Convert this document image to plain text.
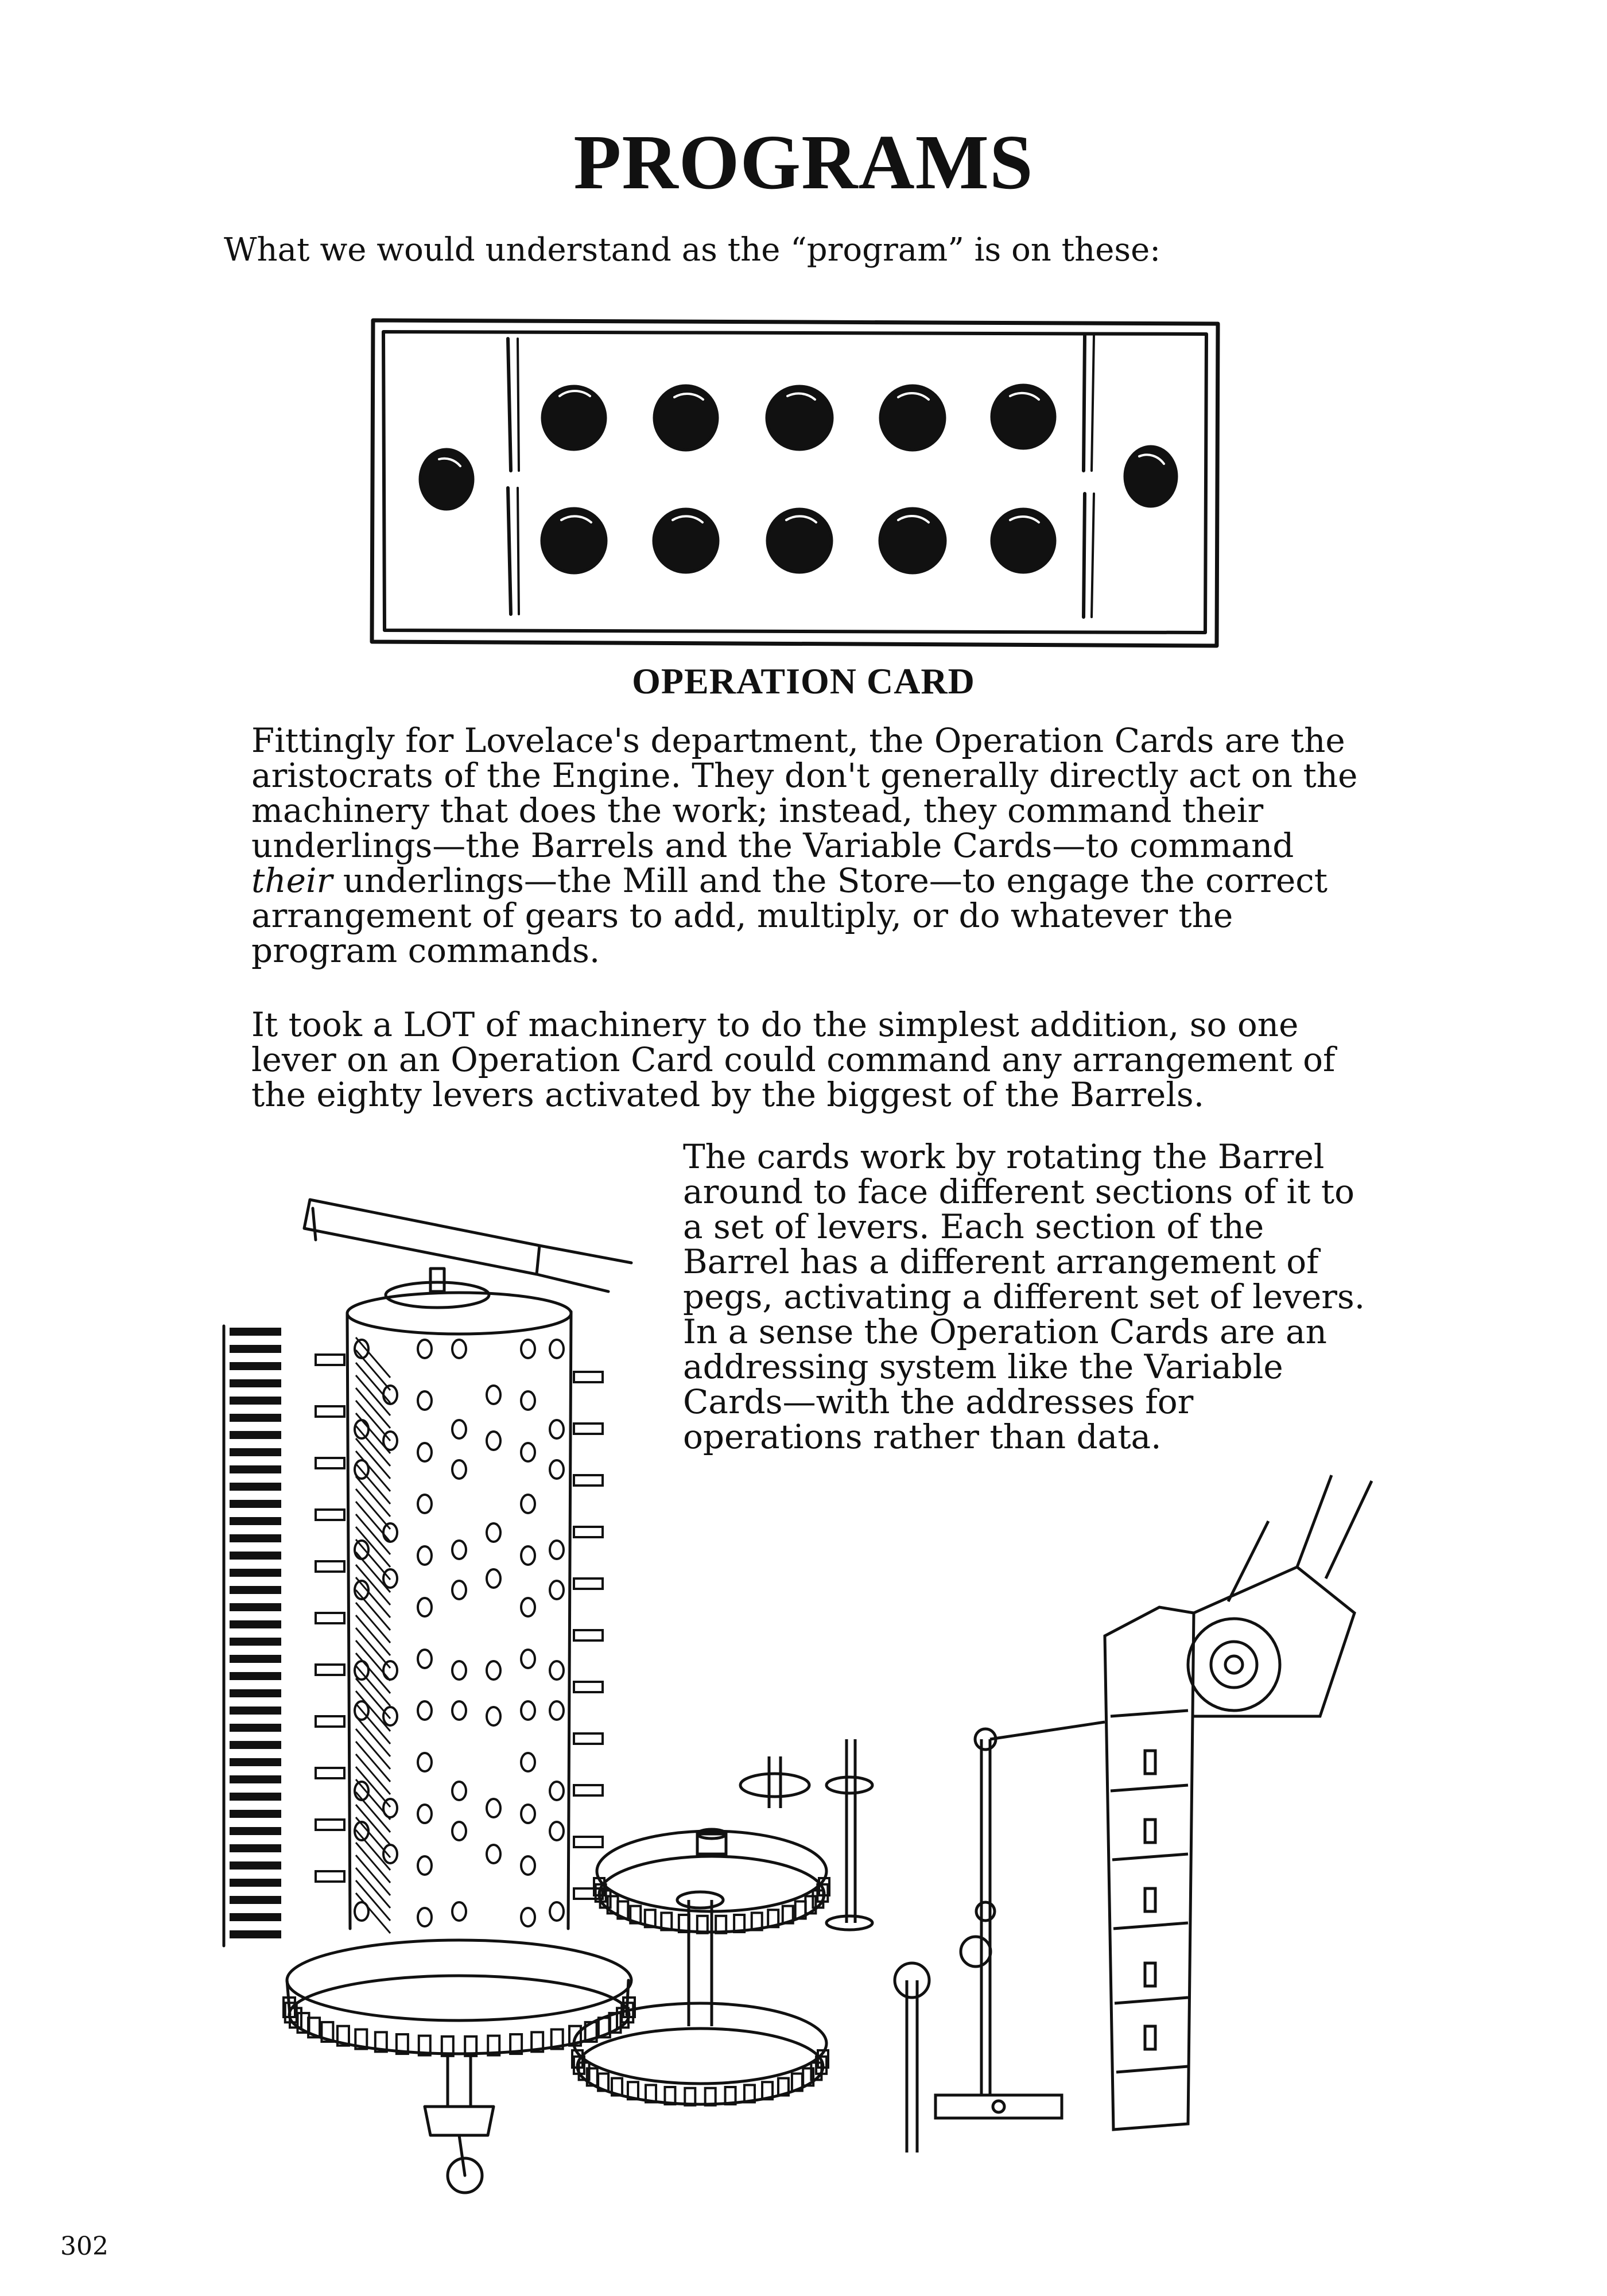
PROGRAMS
What we would understand as the “program” is on these:
OPERATION CARD
Fittingly for Lovelace's department, the Operation Cards are the
aristocrats of the Engine. They don't generally directly act on the
machinery that does the work; instead, they command their
underlings—the Barrels and the Variable Cards—to command
their underlings—the Mill and the Store—to engage the correct
arrangement of gears to add, multiply, or do whatever the
program commands.
It took a LOT of machinery to do the simplest addition, so one
lever on an Operation Card could command any arrangement of
the eighty levers activated by the biggest of the Barrels.
The cards work by rotating the Barrel
around to face different sections of it to
a set of levers. Each section of the
Barrel has a different arrangement of
pegs, activating a different set of levers.
In a sense the Operation Cards are an
addressing system like the Variable
Cards—with the addresses for
operations rather than data.
302
